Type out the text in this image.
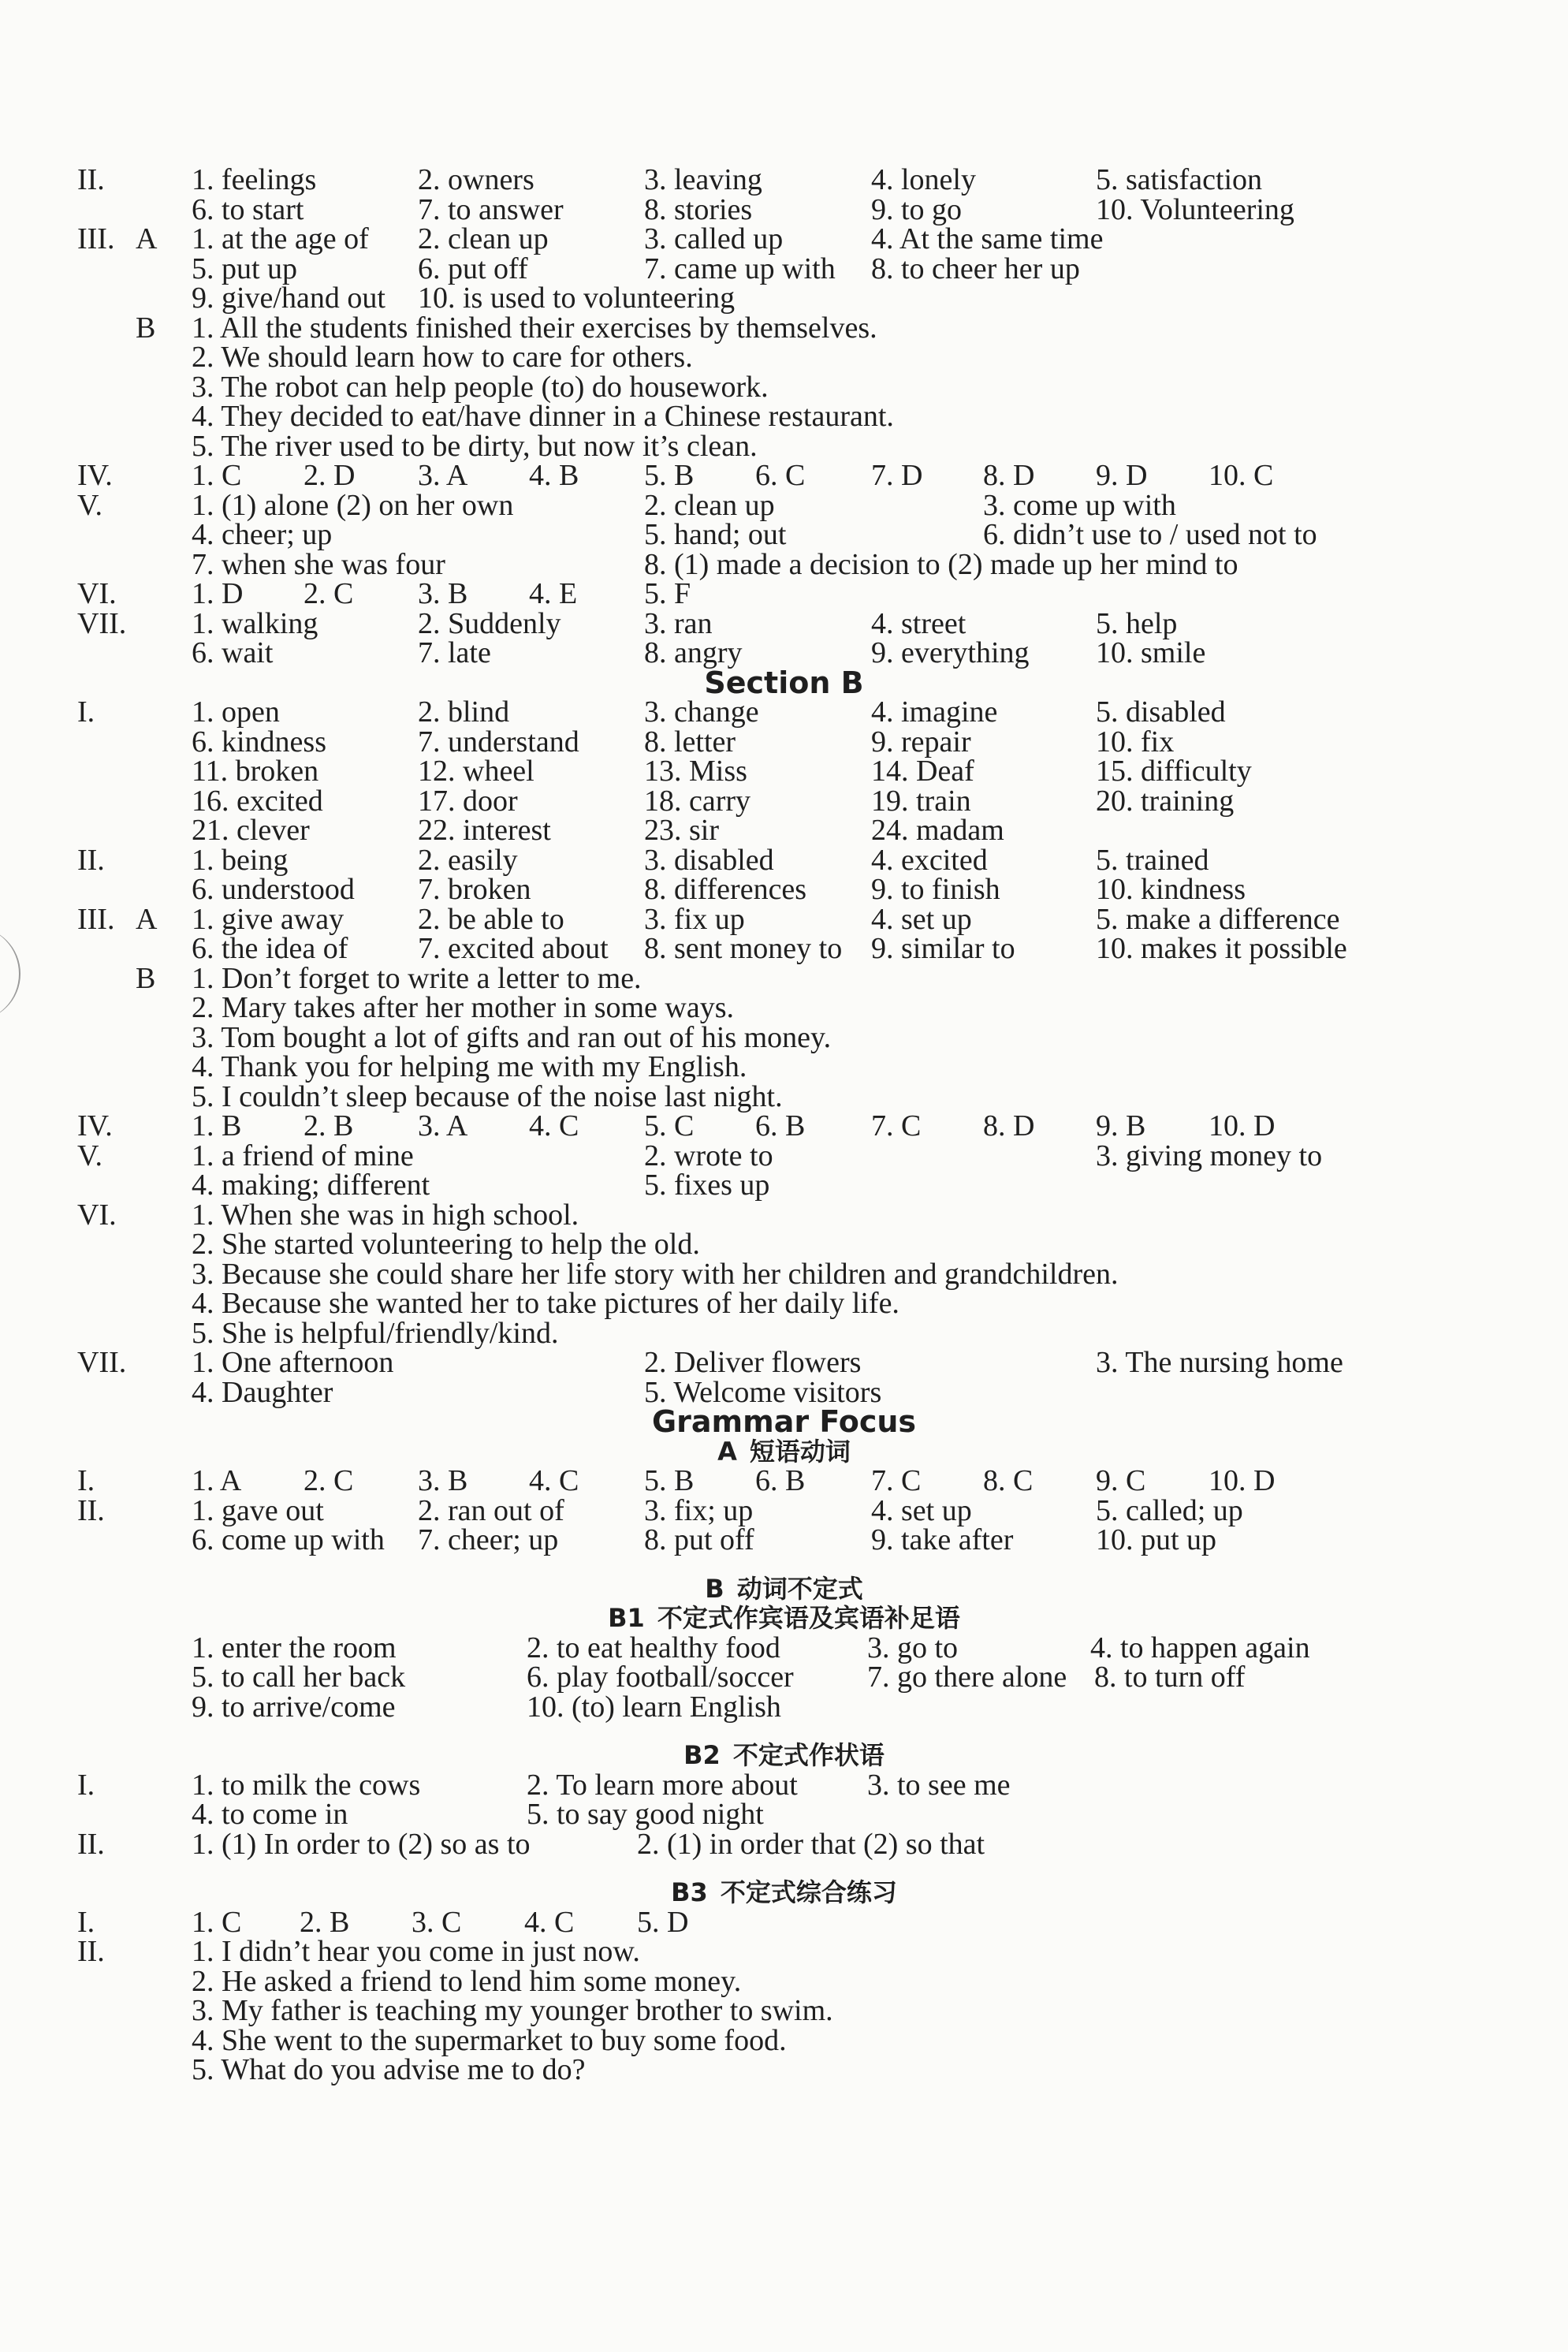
II.	1. feelings	2. owners	3. leaving	4. lonely	5. satisfaction
6. to start	7. to answer	8. stories	9. to go	10. Volunteering
III. A 1. at the age of 2. clean up	3. called up	4. At the same time
5. put up	6. put off	7. came up with 8. to cheer her up
9. give/hand out 10. is used to volunteering
B 1. All the students finished their exercises by themselves.
2. We should learn how to care for others.
3. The robot can help people (to) do housework.
4. They decided to eat/have dinner in a Chinese restaurant.
5. The river used to be dirty, but now it’s clean.
IV.	1. C 2. D 3. A 4. B 5. B 6. C 7. D 8. D 9. D 10. C
V.	1. (1) alone (2) on her own	2. clean up	3. come up with
4. cheer; up	5. hand; out	6. didn’t use to / used not to
7. when she was four	8. (1) made a decision to (2) made up her mind to
VI.	1. D 2. C 3. B 4. E 5. F
VII. 1. walking	2. Suddenly	3. ran	4. street	5. help
6. wait	7. late	8. angry	9. everything 10. smile
Section B
I.	1. open	2. blind	3. change	4. imagine	5. disabled
6. kindness	7. understand 8. letter	9. repair	10. fix
11. broken	12. wheel	13. Miss	14. Deaf	15. difficulty
16. excited	17. door	18. carry	19. train	20. training
21. clever	22. interest	23. sir	24. madam
II.	1. being	2. easily	3. disabled	4. excited	5. trained
6. understood 7. broken	8. differences 9. to finish	10. kindness
III. A 1. give away 2. be able to	3. fix up	4. set up	5. make a difference
6. the idea of 7. excited about 8. sent money to 9. similar to	10. makes it possible
B 1. Don’t forget to write a letter to me.
2. Mary takes after her mother in some ways.
3. Tom bought a lot of gifts and ran out of his money.
4. Thank you for helping me with my English.
5. I couldn’t sleep because of the noise last night.
IV.	1. B 2. B 3. A 4. C 5. C 6. B 7. C 8. D 9. B 10. D
V.	1. a friend of mine	2. wrote to	3. giving money to
4. making; different	5. fixes up
VI.	1. When she was in high school.
2. She started volunteering to help the old.
3. Because she could share her life story with her children and grandchildren.
4. Because she wanted her to take pictures of her daily life.
5. She is helpful/friendly/kind.
VII. 1. One afternoon	2. Deliver flowers	3. The nursing home
4. Daughter	5. Welcome visitors
Grammar Focus
A 短语动词
I.	1. A 2. C 3. B 4. C 5. B 6. B 7. C 8. C 9. C 10. D
II.	1. gave out	2. ran out of	3. fix; up	4. set up	5. called; up
6. come up with 7. cheer; up	8. put off	9. take after	10. put up
B 动词不定式
B1 不定式作宾语及宾语补足语
1. enter the room	2. to eat healthy food	3. go to	4. to happen again
5. to call her back	6. play football/soccer 7. go there alone 8. to turn off
9. to arrive/come	10. (to) learn English
B2 不定式作状语
I.	1. to milk the cows	2. To learn more about 3. to see me
4. to come in	5. to say good night
II.	1. (1) In order to (2) so as to	2. (1) in order that (2) so that
B3 不定式综合练习
I.	1. C 2. B 3. C 4. C 5. D
II.	1. I didn’t hear you come in just now.
2. He asked a friend to lend him some money.
3. My father is teaching my younger brother to swim.
4. She went to the supermarket to buy some food.
5. What do you advise me to do?
